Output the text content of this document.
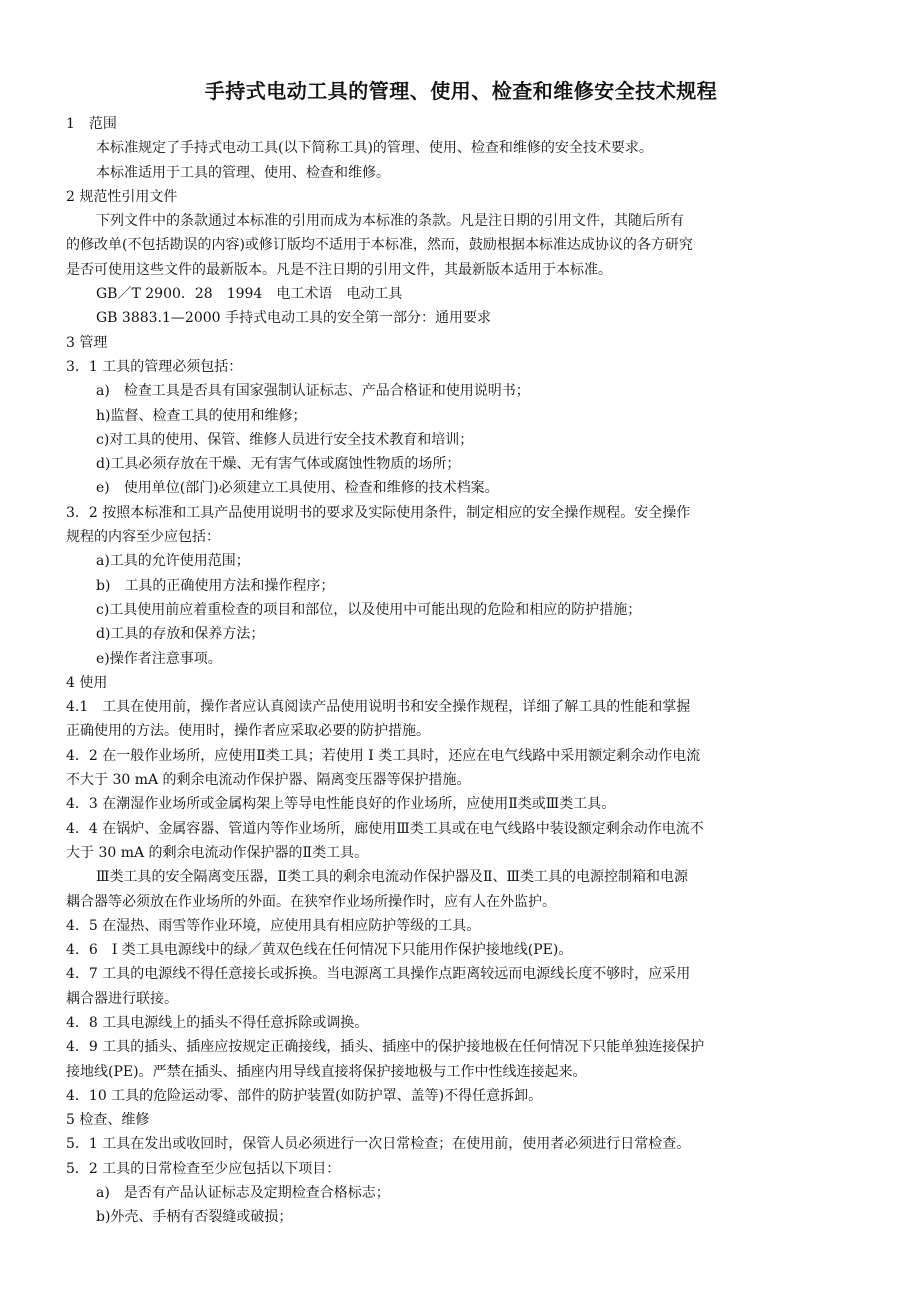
手持式电动工具的管理、使用、检查和维修安全技术规程
1　范围
本标准规定了手持式电动工具(以下简称工具)的管理、使用、检查和维修的安全技术要求。
本标准适用于工具的管理、使用、检查和维修。
2 规范性引用文件
下列文件中的条款通过本标准的引用而成为本标准的条款。凡是注日期的引用文件，其随后所有
的修改单(不包括勘误的内容)或修订版均不适用于本标准，然而，鼓励根据本标准达成协议的各方研究
是否可使用这些文件的最新版本。凡是不注日期的引用文件，其最新版本适用于本标准。
GB／T 2900．28　1994　电工术语　电动工具
GB 3883.1—2000 手持式电动工具的安全第一部分：通用要求
3 管理
3．1 工具的管理必须包括：
a)　检查工具是否具有国家强制认证标志、产品合格证和使用说明书；
h)监督、检查工具的使用和维修；
c)对工具的使用、保管、维修人员进行安全技术教育和培训；
d)工具必须存放在干燥、无有害气体或腐蚀性物质的场所；
e)　使用单位(部门)必须建立工具使用、检查和维修的技术档案。
3．2 按照本标准和工具产品使用说明书的要求及实际使用条件，制定相应的安全操作规程。安全操作
规程的内容至少应包括：
a)工具的允许使用范围；
b)　工具的正确使用方法和操作程序；
c)工具使用前应着重检查的项目和部位，以及使用中可能出现的危险和相应的防护措施；
d)工具的存放和保养方法；
e)操作者注意事项。
4 使用
4.1　工具在使用前，操作者应认真阅读产品使用说明书和安全操作规程，详细了解工具的性能和掌握
正确使用的方法。使用时，操作者应采取必要的防护措施。
4．2 在一般作业场所，应使用Ⅱ类工具；若使用 I 类工具时，还应在电气线路中采用额定剩余动作电流
不大于 30 mA 的剩余电流动作保护器、隔离变压器等保护措施。
4．3 在潮湿作业场所或金属构架上等导电性能良好的作业场所，应使用Ⅱ类或Ⅲ类工具。
4．4 在锅炉、金属容器、管道内等作业场所，廊使用Ⅲ类工具或在电气线路中装设额定剩余动作电流不
大于 30 mA 的剩余电流动作保护器的Ⅱ类工具。
Ⅲ类工具的安全隔离变压器，Ⅱ类工具的剩余电流动作保护器及Ⅱ、Ⅲ类工具的电源控制箱和电源
耦合器等必须放在作业场所的外面。在狭窄作业场所操作时，应有人在外监护。
4．5 在湿热、雨雪等作业环境，应使用具有相应防护等级的工具。
4．6　I 类工具电源线中的绿／黄双色线在任何情况下只能用作保护接地线(PE)。
4．7 工具的电源线不得任意接长或拆换。当电源离工具操作点距离较远而电源线长度不够时，应采用
耦合器进行联接。
4．8 工具电源线上的插头不得任意拆除或调换。
4．9 工具的插头、插座应按规定正确接线，插头、插座中的保护接地极在任何情况下只能单独连接保护
接地线(PE)。严禁在插头、插座内用导线直接将保护接地极与工作中性线连接起来。
4．10 工具的危险运动零、部件的防护装置(如防护罩、盖等)不得任意拆卸。
5 检查、维修
5．1 工具在发出或收回时，保管人员必须进行一次日常检查；在使用前，使用者必须进行日常检查。
5．2 工具的日常检查至少应包括以下项目：
a)　是否有产品认证标志及定期检查合格标志；
b)外壳、手柄有否裂缝或破损；
